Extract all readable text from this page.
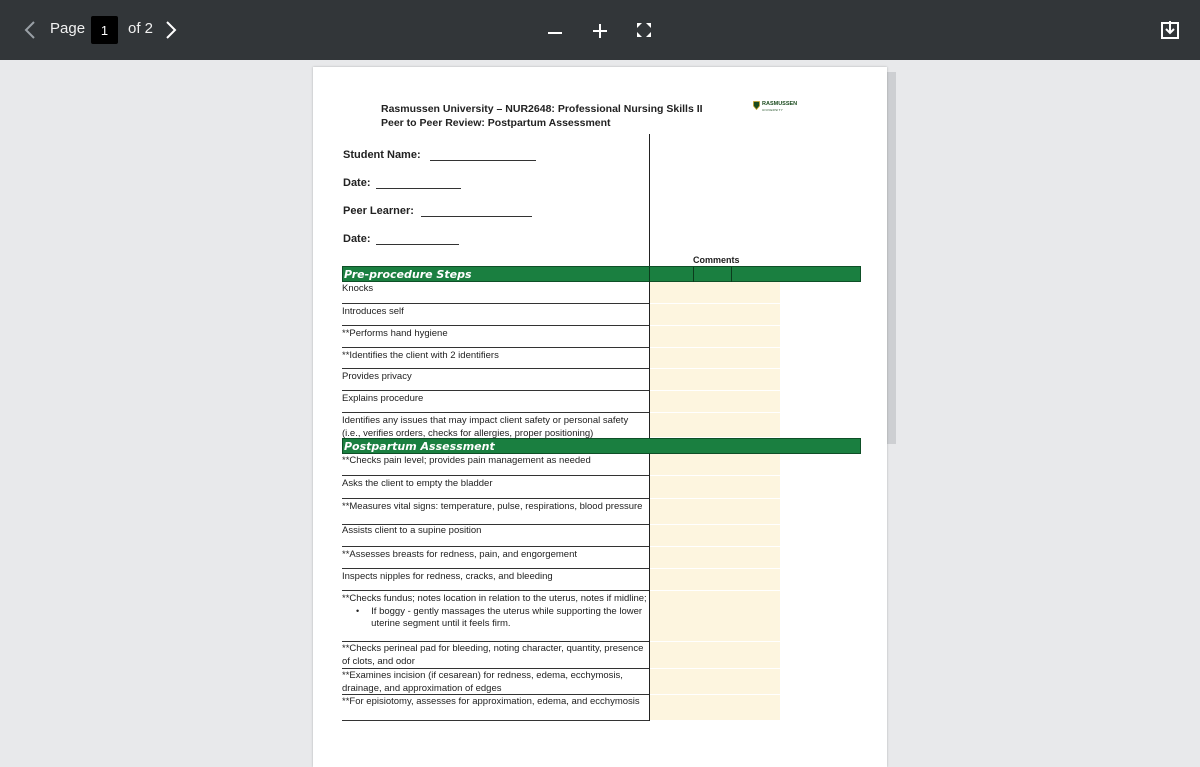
Page	1	of 2
Rasmussen University – NUR2648: Professional Nursing Skills II
Peer to Peer Review: Postpartum Assessment
RASMUSSEN
UNIVERSITY
Student Name:
Date:
Peer Learner:
Date:
Comments
Pre-procedure Steps
Knocks
Introduces self
**Performs hand hygiene
**Identifies the client with 2 identifiers
Provides privacy
Explains procedure
Identifies any issues that may impact client safety or personal safety (i.e., verifies orders, checks for allergies, proper positioning)
Postpartum Assessment
**Checks pain level; provides pain management as needed
Asks the client to empty the bladder
**Measures vital signs: temperature, pulse, respirations, blood pressure
Assists client to a supine position
**Assesses breasts for redness, pain, and engorgement
Inspects nipples for redness, cracks, and bleeding
**Checks fundus; notes location in relation to the uterus, notes if midline;
• If boggy - gently massages the uterus while supporting the lower uterine segment until it feels firm.
**Checks perineal pad for bleeding, noting character, quantity, presence of clots, and odor
**Examines incision (if cesarean) for redness, edema, ecchymosis, drainage, and approximation of edges
**For episiotomy, assesses for approximation, edema, and ecchymosis
